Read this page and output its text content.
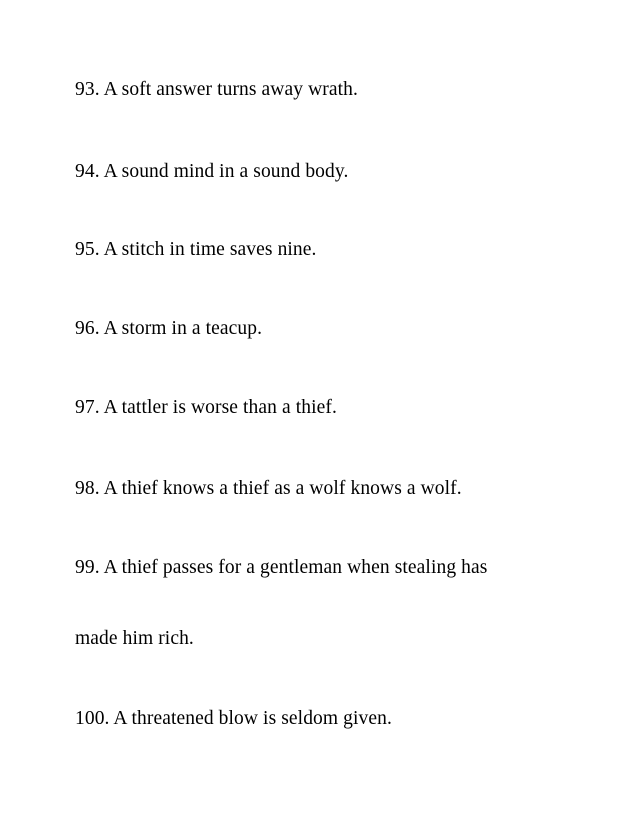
93. A soft answer turns away wrath.
94. A sound mind in a sound body.
95. A stitch in time saves nine.
96. A storm in a teacup.
97. A tattler is worse than a thief.
98. A thief knows a thief as a wolf knows a wolf.
99. A thief passes for a gentleman when stealing has
made him rich.
100. A threatened blow is seldom given.
